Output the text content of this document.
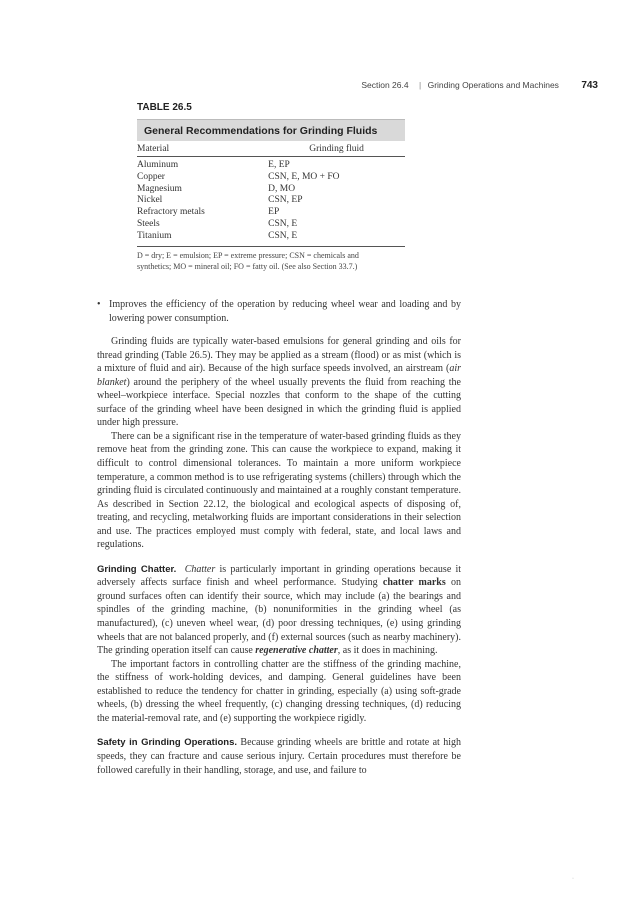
Section 26.4 | Grinding Operations and Machines 743
TABLE 26.5
General Recommendations for Grinding Fluids
Material	Grinding fluid
Aluminum	E, EP
Copper	CSN, E, MO + FO
Magnesium	D, MO
Nickel	CSN, EP
Refractory metals	EP
Steels	CSN, E
Titanium	CSN, E
D = dry; E = emulsion; EP = extreme pressure; CSN = chemicals and
synthetics; MO = mineral oil; FO = fatty oil. (See also Section 33.7.)
• Improves the efficiency of the operation by reducing wheel wear and loading and by lowering power consumption.

Grinding fluids are typically water-based emulsions for general grinding and oils for thread grinding (Table 26.5). They may be applied as a stream (flood) or as mist (which is a mixture of fluid and air). Because of the high surface speeds involved, an airstream (air blanket) around the periphery of the wheel usually prevents the fluid from reaching the wheel–workpiece interface. Special nozzles that conform to the shape of the cutting surface of the grinding wheel have been designed in which the grinding fluid is applied under high pressure.

There can be a significant rise in the temperature of water-based grinding fluids as they remove heat from the grinding zone. This can cause the workpiece to expand, making it difficult to control dimensional tolerances. To maintain a more uniform workpiece temperature, a common method is to use refrigerating systems (chillers) through which the grinding fluid is circulated continuously and maintained at a roughly constant temperature. As described in Section 22.12, the biological and ecological aspects of disposing of, treating, and recycling, metalworking fluids are important considerations in their selection and use. The practices employed must comply with federal, state, and local laws and regulations.

Grinding Chatter. Chatter is particularly important in grinding operations because it adversely affects surface finish and wheel performance. Studying chatter marks on ground surfaces often can identify their source, which may include (a) the bearings and spindles of the grinding machine, (b) nonuniformities in the grinding wheel (as manufactured), (c) uneven wheel wear, (d) poor dressing techniques, (e) using grinding wheels that are not balanced properly, and (f) external sources (such as nearby machinery). The grinding operation itself can cause regenerative chatter, as it does in machining.

The important factors in controlling chatter are the stiffness of the grinding machine, the stiffness of work-holding devices, and damping. General guidelines have been established to reduce the tendency for chatter in grinding, especially (a) using soft-grade wheels, (b) dressing the wheel frequently, (c) changing dressing techniques, (d) reducing the material-removal rate, and (e) supporting the workpiece rigidly.

Safety in Grinding Operations. Because grinding wheels are brittle and rotate at high speeds, they can fracture and cause serious injury. Certain procedures must therefore be followed carefully in their handling, storage, and use, and failure to

·
